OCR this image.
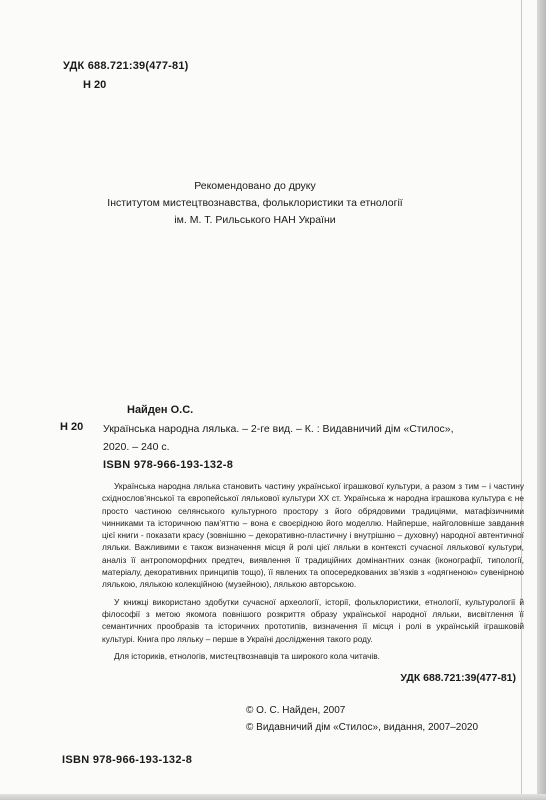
УДК 688.721:39(477-81)
Н 20
Рекомендовано до друку
Інститутом мистецтвознавства, фольклористики та етнології
ім. М. Т. Рильського НАН України
Н 20
Найден О.С.
Українська народна лялька. – 2-ге вид. – К. : Видавничий дім «Стилос»,
2020. – 240 с.
ISBN 978-966-193-132-8

Українська народна лялька становить частину української іграшкової культури, а разом з тим – і частину східнослов’янської та європейської лялькової культури ХХ ст. Українська ж народна іграшкова культура є не просто частиною селянського культурного простору з його обрядовими традиціями, матафізичними чинниками та історичною пам’яттю – вона є своєрідною його моделлю. Найперше, найголовніше завдання цієї книги - показати красу (зовнішню – декоративно-пластичну і внутрішню – духовну) народної автентичної ляльки. Важливими є також визначення місця й ролі цієї ляльки в контексті сучасної лялькової культури, аналіз її антропоморфних предтеч, виявлення її традиційних домінантних ознак (іконографії, типології, матеріалу, декоративних принципів тощо), її явлених та опосередкованих зв’язків з «одягненою» сувенірною лялькою, лялькою колекційною (музейною), лялькою авторською.

У книжці використано здобутки сучасної археології, історії, фольклористики, етнології, культурології й філософії з метою якомога повнішого розкриття образу української народної ляльки, висвітлення її семантичних прообразів та історичних прототипів, визначення її місця і ролі в українській іграшковій культурі. Книга про ляльку – перше в Україні дослідження такого роду.

Для істориків, етнологів, мистецтвознавців та широкого кола читачів.

УДК 688.721:39(477-81)
© О. С. Найден, 2007
© Видавничий дім «Стилос», видання, 2007–2020
ISBN 978-966-193-132-8
